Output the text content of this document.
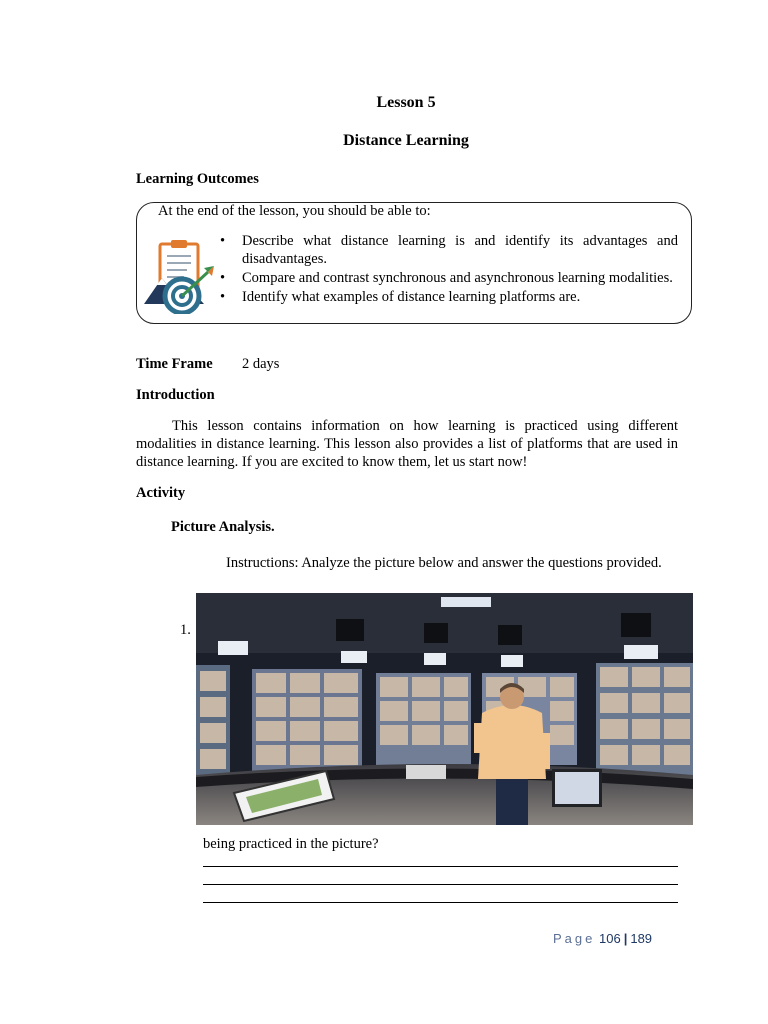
Lesson 5
Distance Learning
Learning Outcomes
At the end of the lesson, you should be able to:
• Describe what distance learning is and identify its advantages and disadvantages.
• Compare and contrast synchronous and asynchronous learning modalities.
• Identify what examples of distance learning platforms are.
Time Frame 2 days
Introduction

This lesson contains information on how learning is practiced using different modalities in distance learning. This lesson also provides a list of platforms that are used in distance learning. If you are excited to know them, let us start now!

Activity
Picture Analysis.

Instructions: Analyze the picture below and answer the questions provided.

1.
being practiced in the picture?
Page 106 | 189
